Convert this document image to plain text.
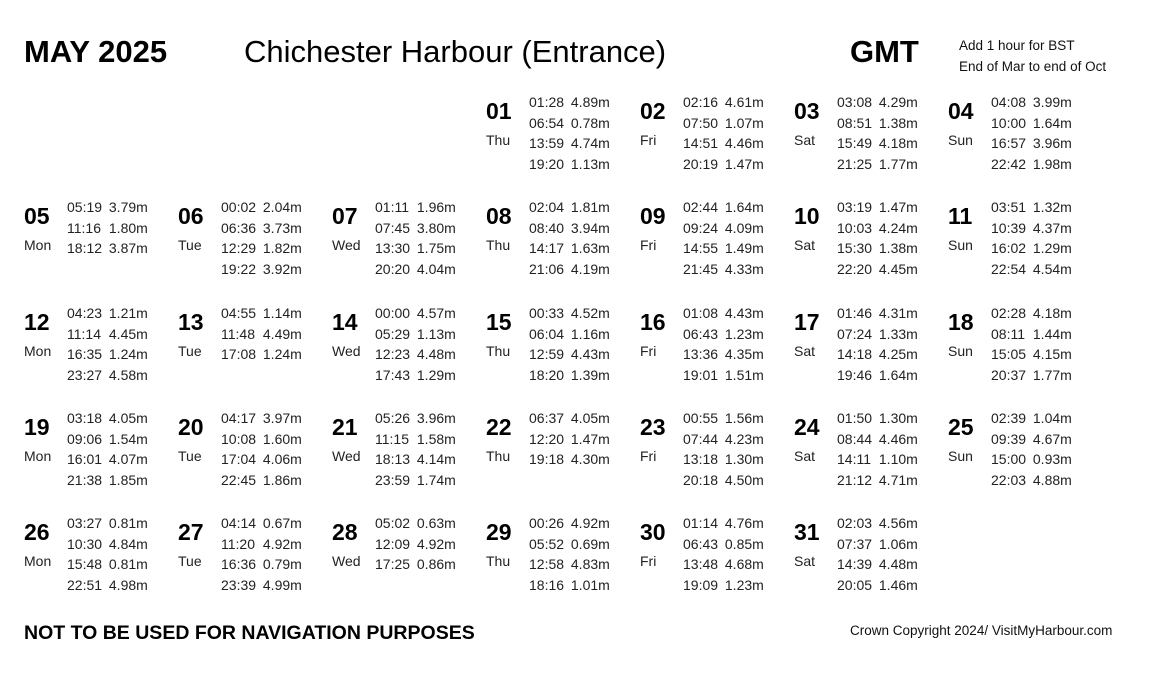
MAY 2025 Chichester Harbour (Entrance)	GMT	Add 1 hour for BST
End of Mar to end of Oct
01
Thu
01:28 4.89m
06:54 0.78m
13:59 4.74m
19:20 1.13m
02
Fri
02:16 4.61m
07:50 1.07m
14:51 4.46m
20:19 1.47m
03
Sat
03:08 4.29m
08:51 1.38m
15:49 4.18m
21:25 1.77m
04
Sun
04:08 3.99m
10:00 1.64m
16:57 3.96m
22:42 1.98m
05
Mon
05:19 3.79m
11:16 1.80m
18:12 3.87m
06
Tue
00:02 2.04m
06:36 3.73m
12:29 1.82m
19:22 3.92m
07
Wed
01:11 1.96m
07:45 3.80m
13:30 1.75m
20:20 4.04m
08
Thu
02:04 1.81m
08:40 3.94m
14:17 1.63m
21:06 4.19m
09
Fri
02:44 1.64m
09:24 4.09m
14:55 1.49m
21:45 4.33m
10
Sat
03:19 1.47m
10:03 4.24m
15:30 1.38m
22:20 4.45m
11
Sun
03:51 1.32m
10:39 4.37m
16:02 1.29m
22:54 4.54m
12
Mon
04:23 1.21m
11:14 4.45m
16:35 1.24m
23:27 4.58m
13
Tue
04:55 1.14m
11:48 4.49m
17:08 1.24m
14
Wed
00:00 4.57m
05:29 1.13m
12:23 4.48m
17:43 1.29m
15
Thu
00:33 4.52m
06:04 1.16m
12:59 4.43m
18:20 1.39m
16
Fri
01:08 4.43m
06:43 1.23m
13:36 4.35m
19:01 1.51m
17
Sat
01:46 4.31m
07:24 1.33m
14:18 4.25m
19:46 1.64m
18
Sun
02:28 4.18m
08:11 1.44m
15:05 4.15m
20:37 1.77m
19
Mon
03:18 4.05m
09:06 1.54m
16:01 4.07m
21:38 1.85m
20
Tue
04:17 3.97m
10:08 1.60m
17:04 4.06m
22:45 1.86m
21
Wed
05:26 3.96m
11:15 1.58m
18:13 4.14m
23:59 1.74m
22
Thu
06:37 4.05m
12:20 1.47m
19:18 4.30m
23
Fri
00:55 1.56m
07:44 4.23m
13:18 1.30m
20:18 4.50m
24
Sat
01:50 1.30m
08:44 4.46m
14:11 1.10m
21:12 4.71m
25
Sun
02:39 1.04m
09:39 4.67m
15:00 0.93m
22:03 4.88m
26
Mon
03:27 0.81m
10:30 4.84m
15:48 0.81m
22:51 4.98m
27
Tue
04:14 0.67m
11:20 4.92m
16:36 0.79m
23:39 4.99m
28
Wed
05:02 0.63m
12:09 4.92m
17:25 0.86m
29
Thu
00:26 4.92m
05:52 0.69m
12:58 4.83m
18:16 1.01m
30
Fri
01:14 4.76m
06:43 0.85m
13:48 4.68m
19:09 1.23m
31
Sat
02:03 4.56m
07:37 1.06m
14:39 4.48m
20:05 1.46m
NOT TO BE USED FOR NAVIGATION PURPOSES	Crown Copyright 2024/ VisitMyHarbour.com
